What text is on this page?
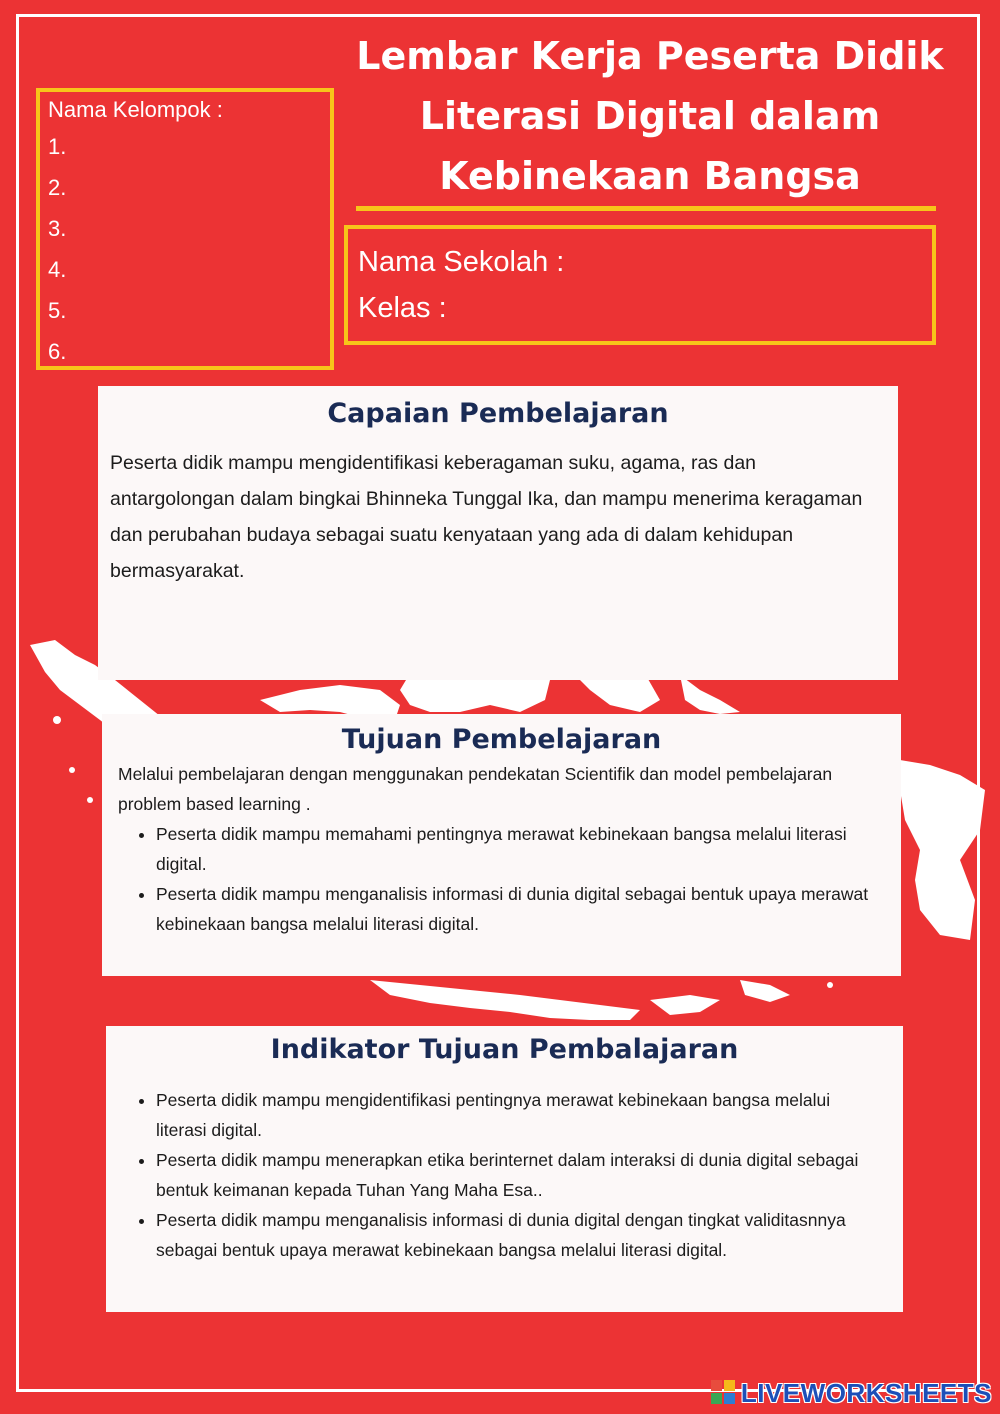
Nama Kelompok :
1.
2.
3.
4.
5.
6.
Lembar Kerja Peserta Didik
Literasi Digital dalam
Kebinekaan Bangsa
Nama Sekolah :
Kelas :
Capaian Pembelajaran

Peserta didik mampu mengidentifikasi keberagaman suku, agama, ras dan antargolongan dalam bingkai Bhinneka Tunggal Ika, dan mampu menerima keragaman dan perubahan budaya sebagai suatu kenyataan yang ada di dalam kehidupan bermasyarakat.

Tujuan Pembelajaran

Melalui pembelajaran dengan menggunakan pendekatan Scientifik dan model pembelajaran problem based learning .

• Peserta didik mampu memahami pentingnya merawat kebinekaan bangsa melalui literasi digital.
• Peserta didik mampu menganalisis informasi di dunia digital sebagai bentuk upaya merawat kebinekaan bangsa melalui literasi digital.
Indikator Tujuan Pembalajaran
• Peserta didik mampu mengidentifikasi pentingnya merawat kebinekaan bangsa melalui literasi digital.
• Peserta didik mampu menerapkan etika berinternet dalam interaksi di dunia digital sebagai bentuk keimanan kepada Tuhan Yang Maha Esa..
• Peserta didik mampu menganalisis informasi di dunia digital dengan tingkat validitasnnya sebagai bentuk upaya merawat kebinekaan bangsa melalui literasi digital.
LIVEWORKSHEETS
